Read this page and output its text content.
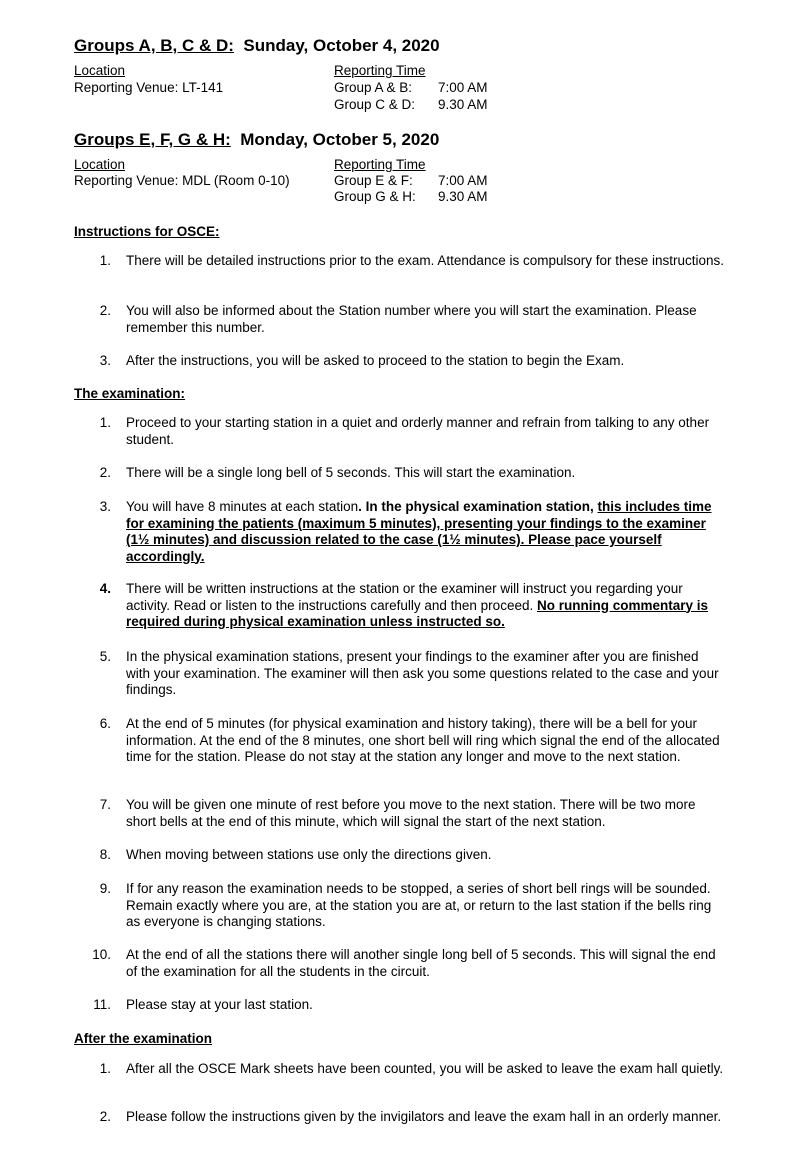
Groups A, B, C & D: Sunday, October 4, 2020
Location	Reporting Time
Reporting Venue: LT-141	Group A & B: 7:00 AM
Group C & D: 9.30 AM
Groups E, F, G & H: Monday, October 5, 2020
Location	Reporting Time
Reporting Venue: MDL (Room 0-10)	Group E & F: 7:00 AM
Group G & H: 9.30 AM
Instructions for OSCE:
1. There will be detailed instructions prior to the exam. Attendance is compulsory for these instructions.
2. You will also be informed about the Station number where you will start the examination. Please remember this number.
3. After the instructions, you will be asked to proceed to the station to begin the Exam.
The examination:
1. Proceed to your starting station in a quiet and orderly manner and refrain from talking to any other student.
2. There will be a single long bell of 5 seconds. This will start the examination.
3. You will have 8 minutes at each station. In the physical examination station, this includes time for examining the patients (maximum 5 minutes), presenting your findings to the examiner (1½ minutes) and discussion related to the case (1½ minutes). Please pace yourself accordingly.
4. There will be written instructions at the station or the examiner will instruct you regarding your activity. Read or listen to the instructions carefully and then proceed. No running commentary is required during physical examination unless instructed so.
5. In the physical examination stations, present your findings to the examiner after you are finished with your examination. The examiner will then ask you some questions related to the case and your findings.
6. At the end of 5 minutes (for physical examination and history taking), there will be a bell for your information. At the end of the 8 minutes, one short bell will ring which signal the end of the allocated time for the station. Please do not stay at the station any longer and move to the next station.
7. You will be given one minute of rest before you move to the next station. There will be two more short bells at the end of this minute, which will signal the start of the next station.
8. When moving between stations use only the directions given.
9. If for any reason the examination needs to be stopped, a series of short bell rings will be sounded. Remain exactly where you are, at the station you are at, or return to the last station if the bells ring as everyone is changing stations.
10. At the end of all the stations there will another single long bell of 5 seconds. This will signal the end of the examination for all the students in the circuit.
11. Please stay at your last station.
After the examination
1. After all the OSCE Mark sheets have been counted, you will be asked to leave the exam hall quietly.
2. Please follow the instructions given by the invigilators and leave the exam hall in an orderly manner.
